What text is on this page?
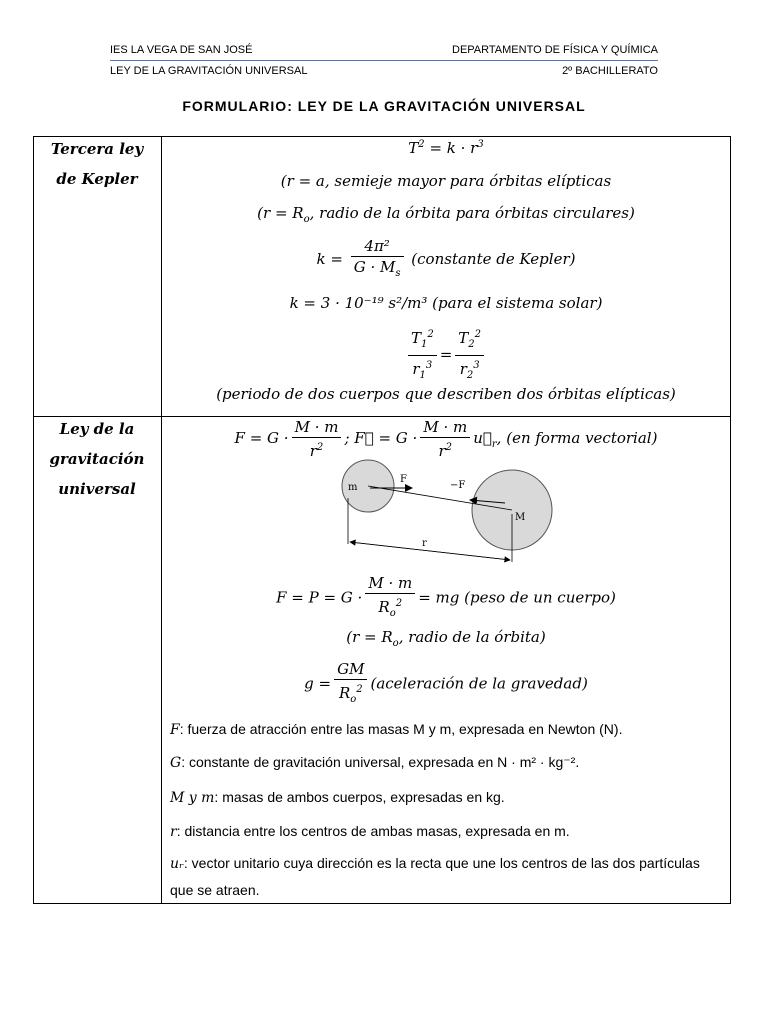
IES LA VEGA DE SAN JOSÉ	DEPARTAMENTO DE FÍSICA Y QUÍMICA
LEY DE LA GRAVITACIÓN UNIVERSAL	2º BACHILLERATO
FORMULARIO: LEY DE LA GRAVITACIÓN UNIVERSAL
Tercera ley
de Kepler
$T^2 = k \cdot r^3$
(r = a, semieje mayor para órbitas elípticas
($r = R_o$, radio de la órbita para órbitas circulares)
$k = \frac{\text{4π²}}{G \cdot M_s}$ (constante de Kepler)
k = 3 · 10⁻¹⁹ s²/m³ (para el sistema solar)
$\frac{T_1^2}{r_1^3} = \frac{T_2^2}{r_2^3}$
(periodo de dos cuerpos que describen dos órbitas elípticas)
Ley de la
gravitación
universal
$F = G \cdot \frac{M \cdot m}{r^2}$ ; F⃗ = $G \cdot \frac{M \cdot m}{r^2}$ $u⃗_r$, (en forma vectorial)
m
M
F
−F
r
$F = P = G \cdot \frac{M \cdot m}{R_o^2}$ = mg (peso de un cuerpo)
($r = R_o$, radio de la órbita)
$g = \frac{GM}{R_o^2}$ (aceleración de la gravedad)
F: fuerza de atracción entre las masas M y m, expresada en Newton (N).
G: constante de gravitación universal, expresada en N · m² · kg⁻².
M y m: masas de ambos cuerpos, expresadas en kg.
r: distancia entre los centros de ambas masas, expresada en m.
uᵣ: vector unitario cuya dirección es la recta que une los centros de las dos partículas que se atraen.
